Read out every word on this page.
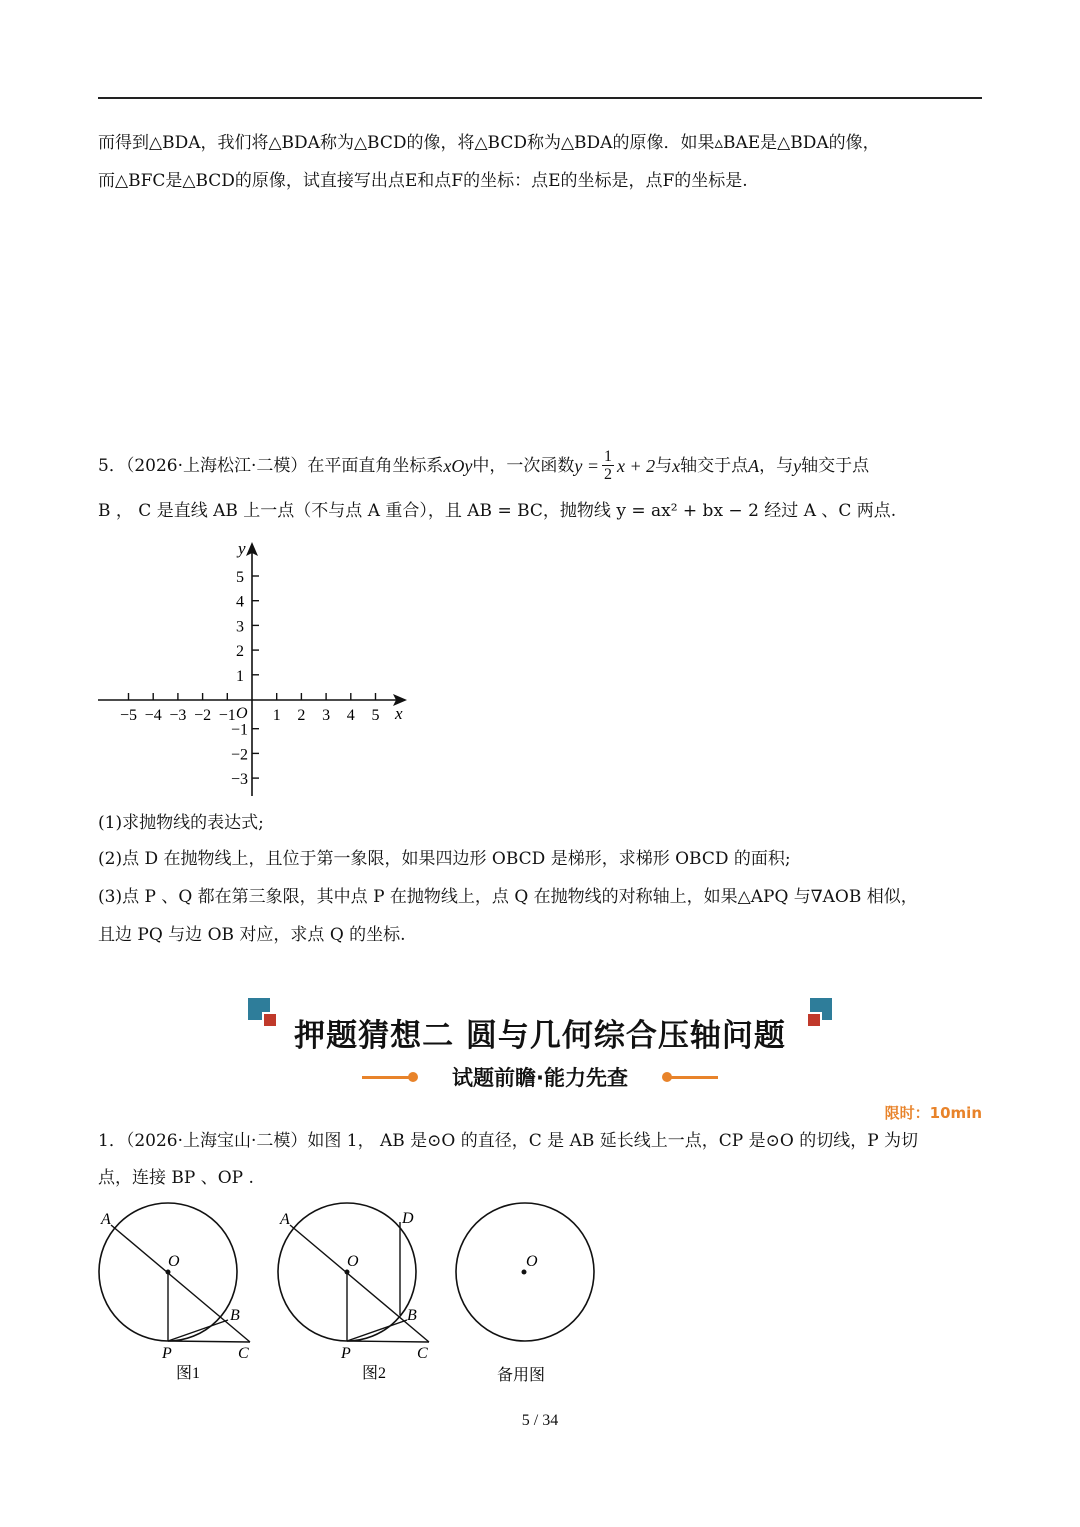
而得到△BDA，我们将△BDA称为△BCD的像，将△BCD称为△BDA的原像．如果▵BAE是△BDA的像，
而△BFC是△BCD的原像，试直接写出点E和点F的坐标：点E的坐标是，点F的坐标是.
5．（2026·上海松江·二模）在平面直角坐标系 xOy 中，一次函数 $y = \frac{1}{2}$ x + 2 与 x 轴交于点 A ，与 y 轴交于点
B ， C 是直线 AB 上一点（不与点 A 重合），且 AB = BC，抛物线 y = ax² + bx − 2 经过 A 、C 两点.
−5 −4 −3 −2 −1 1 2 3 4 5
5
4
3
2
1
−1
−2
−3
x
y
O
(1)求抛物线的表达式;
(2)点 D 在抛物线上，且位于第一象限，如果四边形 OBCD 是梯形，求梯形 OBCD 的面积;
(3)点 P 、Q 都在第三象限，其中点 P 在抛物线上，点 Q 在抛物线的对称轴上，如果△APQ 与∇AOB 相似，
且边 PQ 与边 OB 对应，求点 Q 的坐标.
押题猜想二 圆与几何综合压轴问题
试题前瞻·能力先查
限时：10min
1．（2026·上海宝山·二模）如图 1， AB 是⊙O 的直径，C 是 AB 延长线上一点，CP 是⊙O 的切线，P 为切
点，连接 BP 、OP .
A
O
B
P	C
图1
A	D
O
B
P	C
图2
O
备用图
5 / 34
